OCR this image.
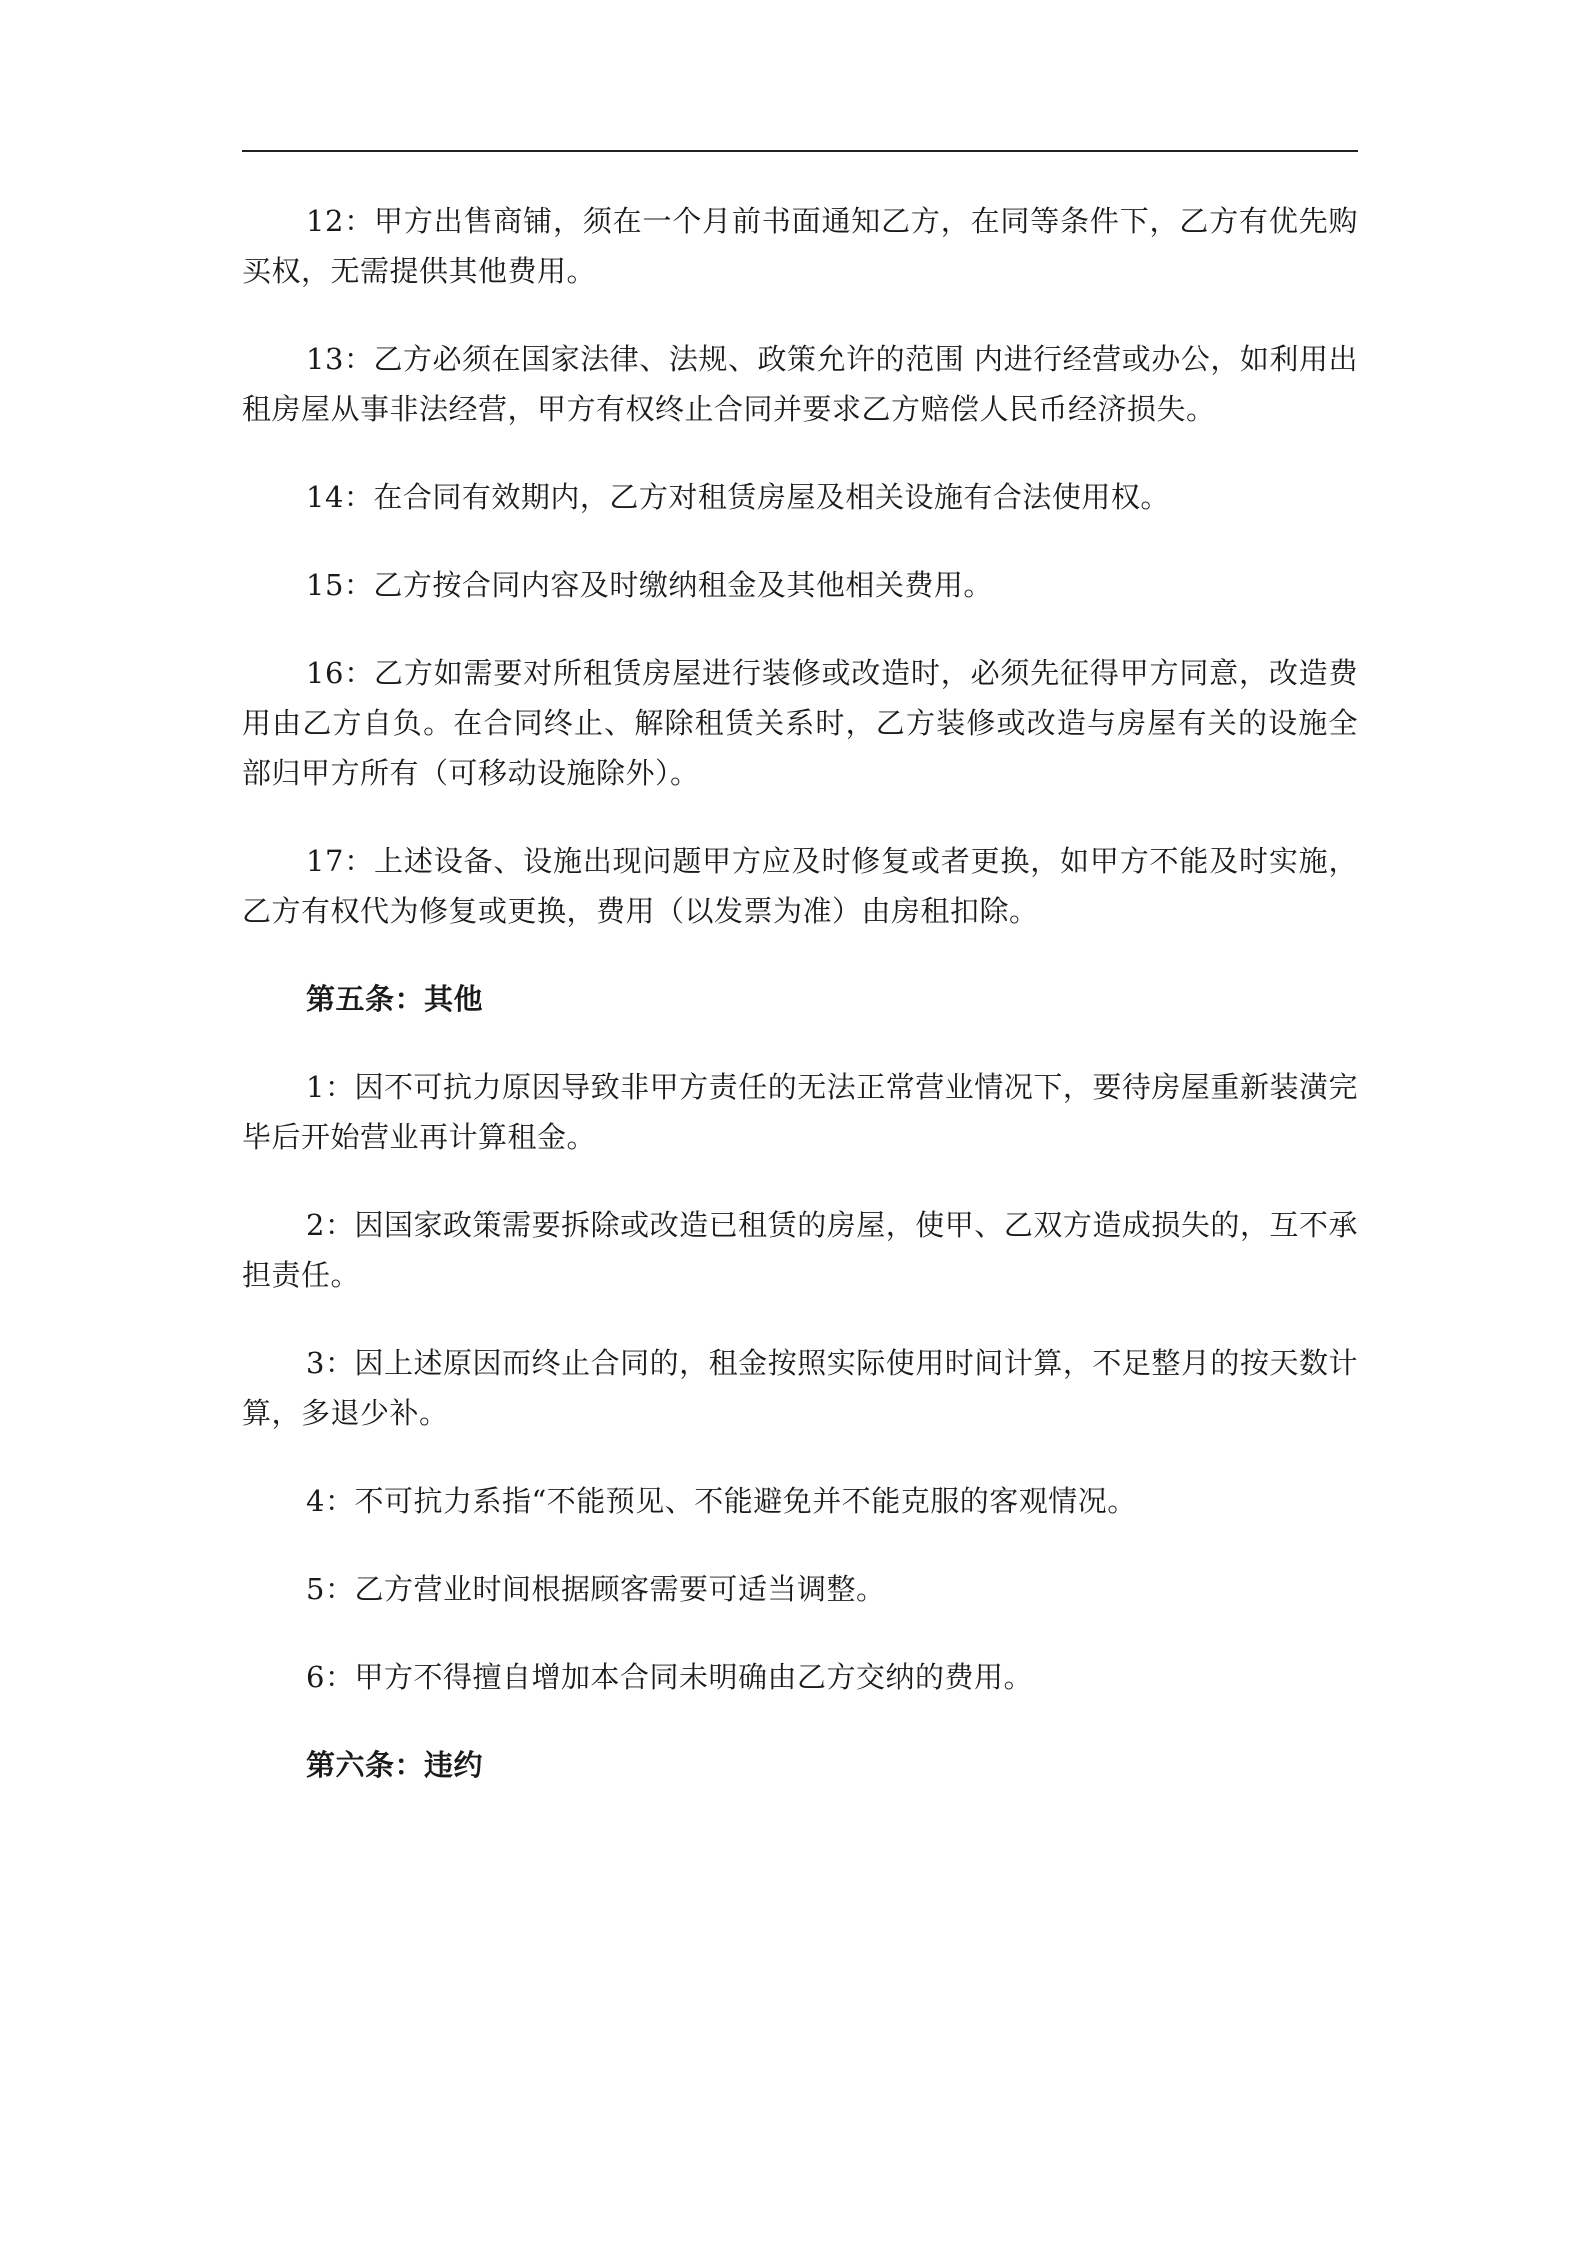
12：甲方出售商铺，须在一个月前书面通知乙方，在同等条件下，乙方有优先购买权，无需提供其他费用。

13：乙方必须在国家法律、法规、政策允许的范围 内进行经营或办公，如利用出租房屋从事非法经营，甲方有权终止合同并要求乙方赔偿人民币经济损失。

14：在合同有效期内，乙方对租赁房屋及相关设施有合法使用权。

15：乙方按合同内容及时缴纳租金及其他相关费用。

16：乙方如需要对所租赁房屋进行装修或改造时，必须先征得甲方同意，改造费用由乙方自负。在合同终止、解除租赁关系时，乙方装修或改造与房屋有关的设施全部归甲方所有（可移动设施除外）。

17：上述设备、设施出现问题甲方应及时修复或者更换，如甲方不能及时实施，乙方有权代为修复或更换，费用（以发票为准）由房租扣除。

第五条：其他

1：因不可抗力原因导致非甲方责任的无法正常营业情况下，要待房屋重新装潢完毕后开始营业再计算租金。

2：因国家政策需要拆除或改造已租赁的房屋，使甲、乙双方造成损失的，互不承担责任。

3：因上述原因而终止合同的，租金按照实际使用时间计算，不足整月的按天数计算，多退少补。

4：不可抗力系指“不能预见、不能避免并不能克服的客观情况。

5：乙方营业时间根据顾客需要可适当调整。

6：甲方不得擅自增加本合同未明确由乙方交纳的费用。

第六条：违约
